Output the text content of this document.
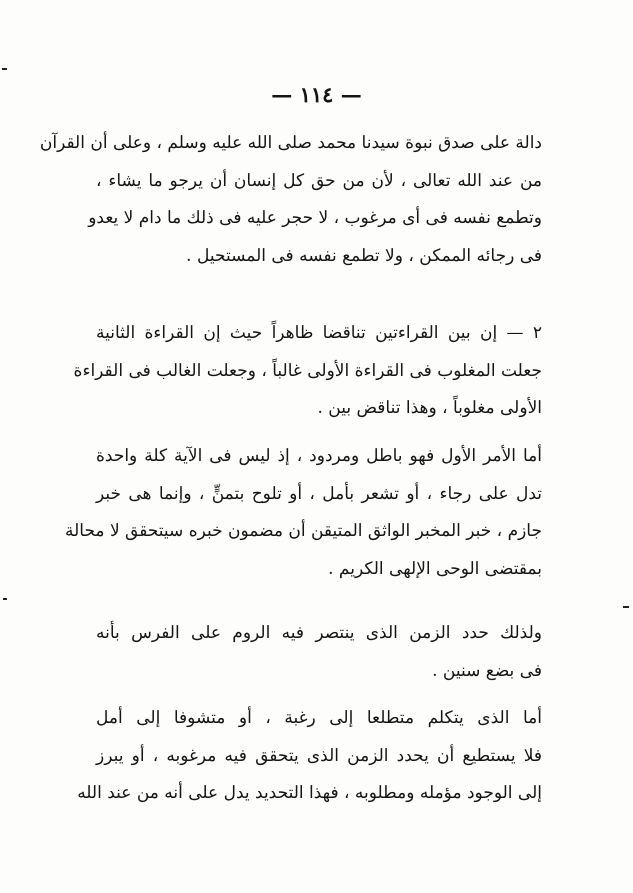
— ١١٤ —
دالة على صدق نبوة سيدنا محمد صلى الله عليه وسلم ، وعلى أن القرآن
من عند الله تعالى ، لأن من حق كل إنسان أن يرجو ما يشاء ،
وتطمع نفسه فى أى مرغوب ، لا حجر عليه فى ذلك ما دام لا يعدو
فى رجائه الممكن ، ولا تطمع نفسه فى المستحيل .
٢ — إن بين القراءتين تناقضا ظاهراً حيث إن القراءة الثانية
جعلت المغلوب فى القراءة الأولى غالباً ، وجعلت الغالب فى القراءة
الأولى مغلوباً ، وهذا تناقض بين .
أما الأمر الأول فهو باطل ومردود ، إذ ليس فى الآية كلة واحدة
تدل على رجاء ، أو تشعر بأمل ، أو تلوح بتمنٍّ ، وإنما هى خبر
جازم ، خبر المخبر الواثق المتيقن أن مضمون خبره سيتحقق لا محالة
بمقتضى الوحى الإلهى الكريم .
ولذلك حدد الزمن الذى ينتصر فيه الروم على الفرس بأنه
فى بضع سنين .
أما الذى يتكلم متطلعا إلى رغبة ، أو متشوفا إلى أمل
فلا يستطيع أن يحدد الزمن الذى يتحقق فيه مرغوبه ، أو يبرز
إلى الوجود مؤمله ومطلوبه ، فهذا التحديد يدل على أنه من عند الله
